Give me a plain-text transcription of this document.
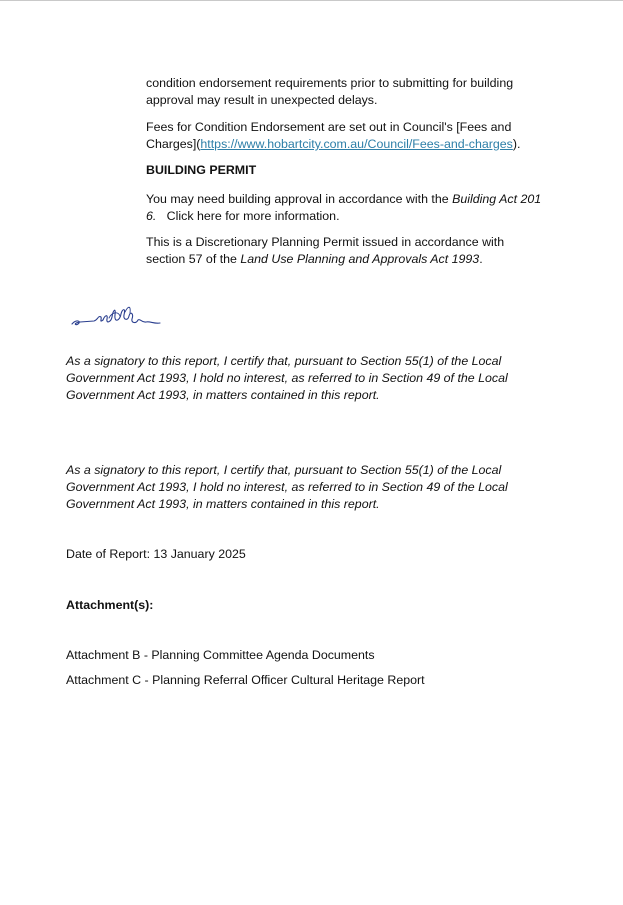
condition endorsement requirements prior to submitting for building
approval may result in unexpected delays.

Fees for Condition Endorsement are set out in Council's [Fees and
Charges](https://www.hobartcity.com.au/Council/Fees-and-charges).

BUILDING PERMIT

You may need building approval in accordance with the Building Act 201
6.   Click here for more information.

This is a Discretionary Planning Permit issued in accordance with
section 57 of the Land Use Planning and Approvals Act 1993.

As a signatory to this report, I certify that, pursuant to Section 55(1) of the Local
Government Act 1993, I hold no interest, as referred to in Section 49 of the Local
Government Act 1993, in matters contained in this report.

As a signatory to this report, I certify that, pursuant to Section 55(1) of the Local
Government Act 1993, I hold no interest, as referred to in Section 49 of the Local
Government Act 1993, in matters contained in this report.

Date of Report: 13 January 2025

Attachment(s):

Attachment B - Planning Committee Agenda Documents

Attachment C - Planning Referral Officer Cultural Heritage Report
